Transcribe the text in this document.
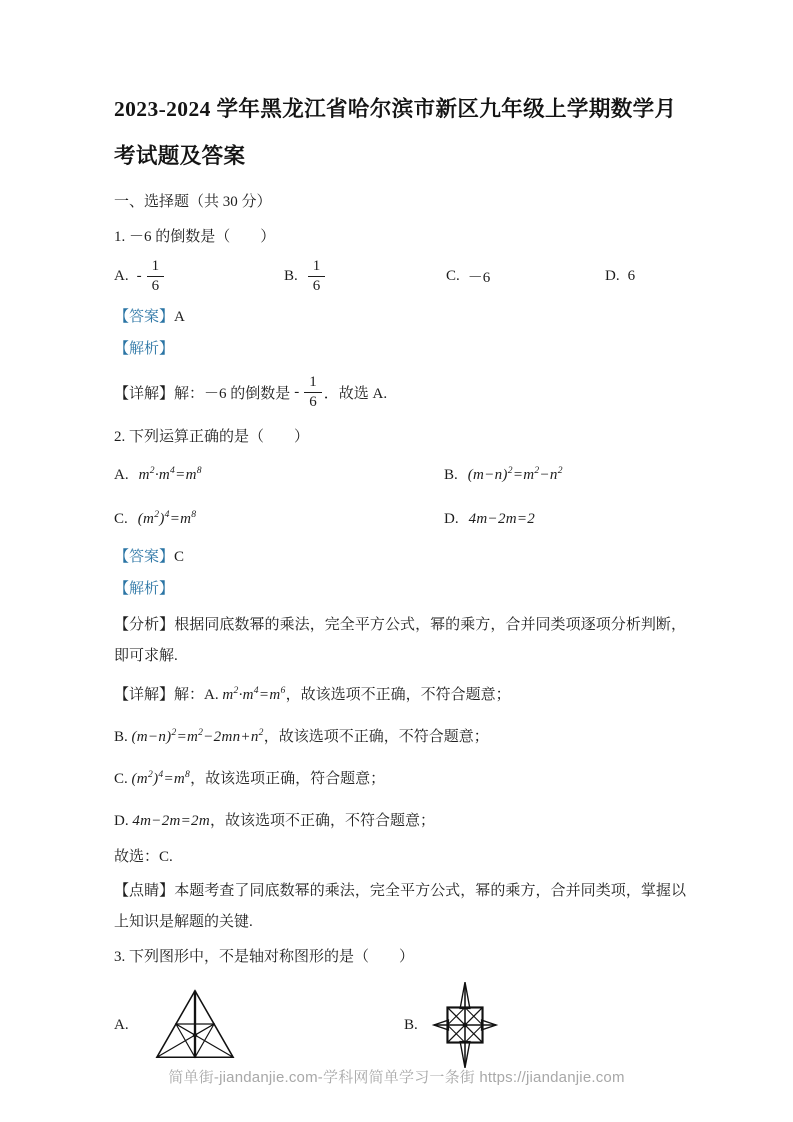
2023-2024 学年黑龙江省哈尔滨市新区九年级上学期数学月考试题及答案
一、选择题（共 30 分）
1. －6 的倒数是（　　）
A. - $\frac{1}{6}$	B. $\frac{1}{6}$	C. －6	D. 6
【答案】A
【解析】
【详解】 解：－6 的倒数是 - $\frac{1}{6}$ ．故选 A.
2. 下列运算正确的是（　　）
A. $m^2\cdot m^4=m^8$	B. $(m-n)^2=m^2-n^2$
C. $(m^2)^4=m^8$	D. 4m−2m=2
【答案】C
【解析】
【分析】根据同底数幂的乘法，完全平方公式，幂的乘方，合并同类项逐项分析判断，即可求解.
【详解】解：A. $m^2\cdot m^4=m^6$，故该选项不正确，不符合题意；
B. $(m-n)^2=m^2-2mn+n^2$，故该选项不正确，不符合题意；
C. $(m^2)^4=m^8$，故该选项正确，符合题意；
D. 4m−2m=2m，故该选项不正确，不符合题意；
故选：C.
【点睛】本题考查了同底数幂的乘法，完全平方公式，幂的乘方，合并同类项，掌握以上知识是解题的关键.
3. 下列图形中，不是轴对称图形的是（　　）
A.	B.
简单街-jiandanjie.com-学科网简单学习一条街 https://jiandanjie.com
